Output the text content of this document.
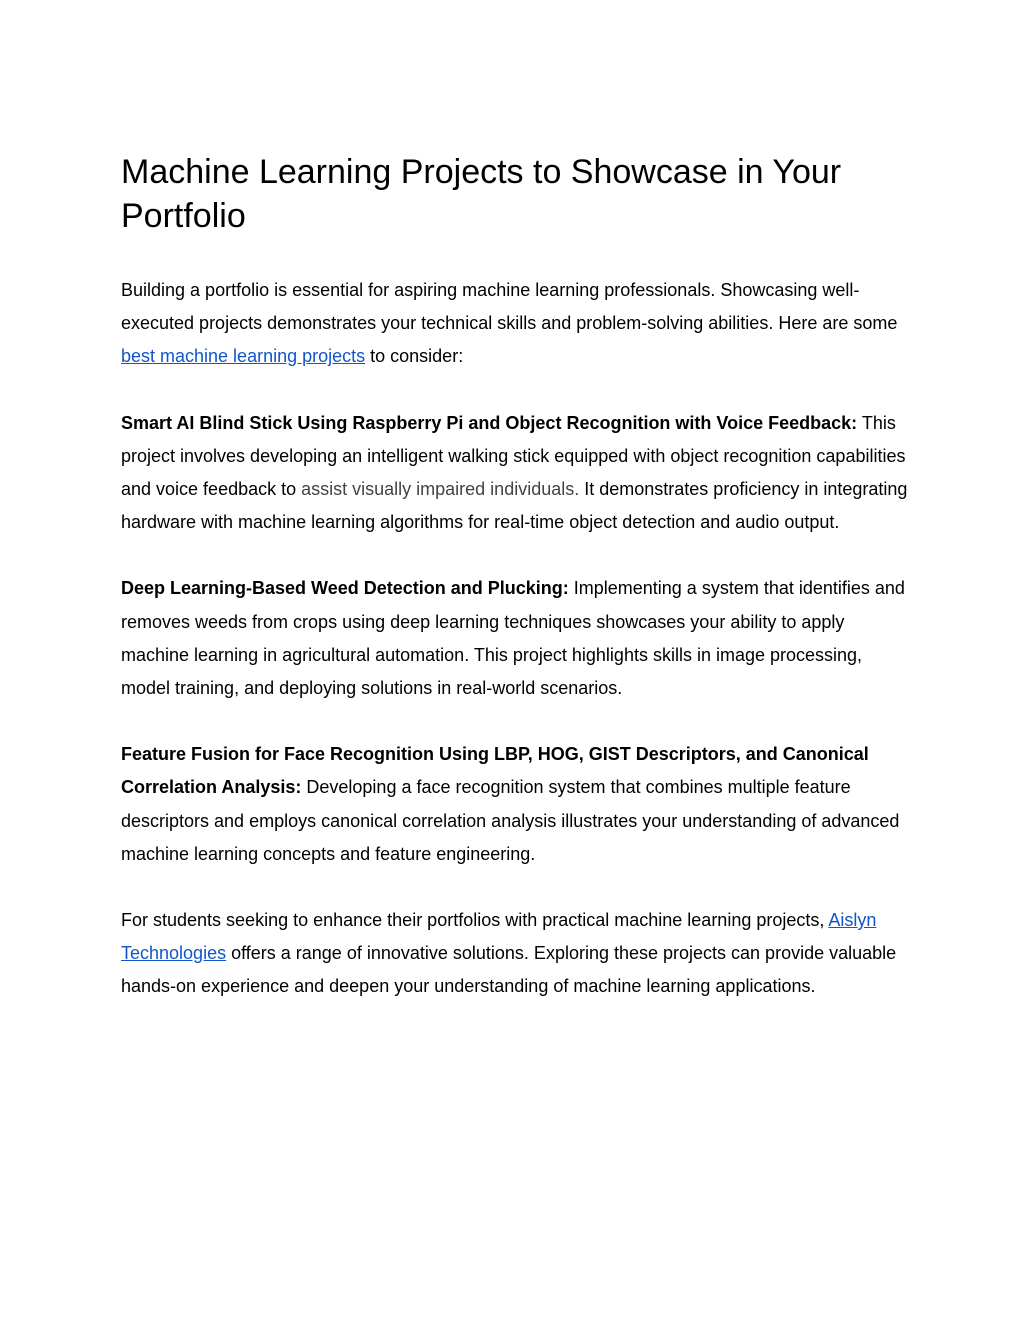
Machine Learning Projects to Showcase in Your Portfolio

Building a portfolio is essential for aspiring machine learning professionals. Showcasing well-executed projects demonstrates your technical skills and problem-solving abilities. Here are some best machine learning projects to consider:

Smart AI Blind Stick Using Raspberry Pi and Object Recognition with Voice Feedback: This project involves developing an intelligent walking stick equipped with object recognition capabilities and voice feedback to assist visually impaired individuals. It demonstrates proficiency in integrating hardware with machine learning algorithms for real-time object detection and audio output.

Deep Learning-Based Weed Detection and Plucking: Implementing a system that identifies and removes weeds from crops using deep learning techniques showcases your ability to apply machine learning in agricultural automation. This project highlights skills in image processing, model training, and deploying solutions in real-world scenarios.

Feature Fusion for Face Recognition Using LBP, HOG, GIST Descriptors, and Canonical Correlation Analysis: Developing a face recognition system that combines multiple feature descriptors and employs canonical correlation analysis illustrates your understanding of advanced machine learning concepts and feature engineering.

For students seeking to enhance their portfolios with practical machine learning projects, Aislyn Technologies offers a range of innovative solutions. Exploring these projects can provide valuable hands-on experience and deepen your understanding of machine learning applications.
